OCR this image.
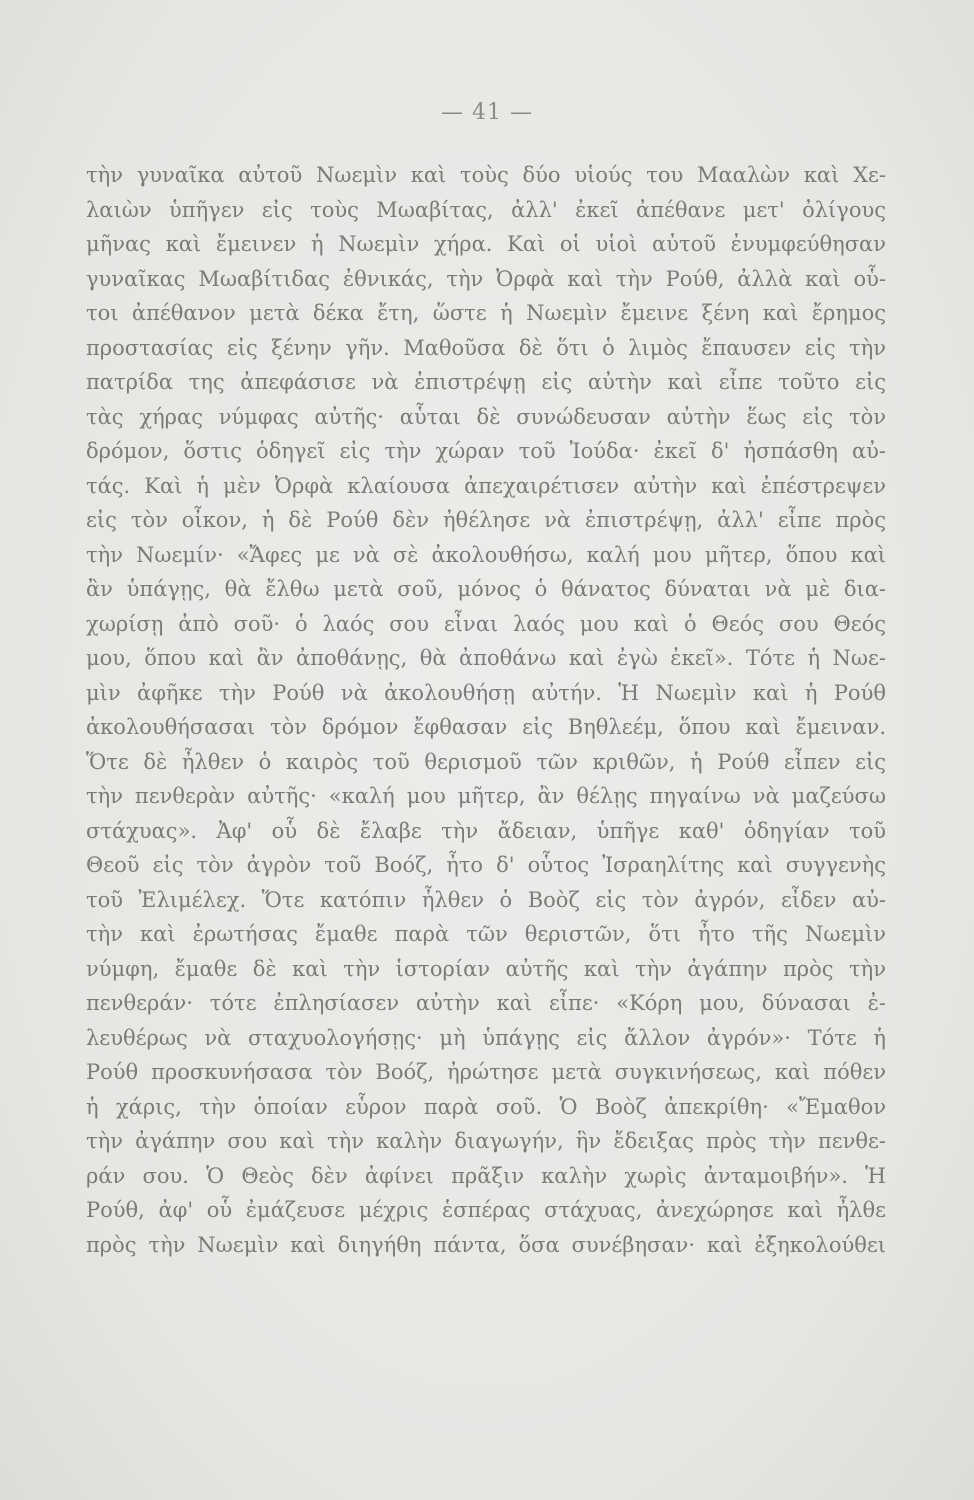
— 41 —
τὴν γυναῖκα αὐτοῦ Νωεμὶν καὶ τοὺς δύο υἱούς του Μααλὼν καὶ Χε-
λαιὼν ὑπῆγεν εἰς τοὺς Μωαβίτας, ἀλλ' ἐκεῖ ἀπέθανε μετ' ὀλίγους
μῆνας καὶ ἔμεινεν ἡ Νωεμὶν χήρα. Καὶ οἱ υἱοὶ αὐτοῦ ἐνυμφεύθησαν
γυναῖκας Μωαβίτιδας ἐθνικάς, τὴν Ὀρφὰ καὶ τὴν Ρούθ, ἀλλὰ καὶ οὗ-
τοι ἀπέθανον μετὰ δέκα ἔτη, ὥστε ἡ Νωεμὶν ἔμεινε ξένη καὶ ἔρημος
προστασίας εἰς ξένην γῆν. Μαθοῦσα δὲ ὅτι ὁ λιμὸς ἔπαυσεν εἰς τὴν
πατρίδα της ἀπεφάσισε νὰ ἐπιστρέψῃ εἰς αὐτὴν καὶ εἶπε τοῦτο εἰς
τὰς χήρας νύμφας αὐτῆς· αὗται δὲ συνώδευσαν αὐτὴν ἕως εἰς τὸν
δρόμον, ὅστις ὁδηγεῖ εἰς τὴν χώραν τοῦ Ἰούδα· ἐκεῖ δ' ἠσπάσθη αὐ-
τάς. Καὶ ἡ μὲν Ὀρφὰ κλαίουσα ἀπεχαιρέτισεν αὐτὴν καὶ ἐπέστρεψεν
εἰς τὸν οἶκον, ἡ δὲ Ρούθ δὲν ἠθέλησε νὰ ἐπιστρέψῃ, ἀλλ' εἶπε πρὸς
τὴν Νωεμίν· «Ἄφες με νὰ σὲ ἀκολουθήσω, καλή μου μῆτερ, ὅπου καὶ
ἂν ὑπάγῃς, θὰ ἔλθω μετὰ σοῦ, μόνος ὁ θάνατος δύναται νὰ μὲ δια-
χωρίσῃ ἀπὸ σοῦ· ὁ λαός σου εἶναι λαός μου καὶ ὁ Θεός σου Θεός
μου, ὅπου καὶ ἂν ἀποθάνῃς, θὰ ἀποθάνω καὶ ἐγὼ ἐκεῖ». Τότε ἡ Νωε-
μὶν ἀφῆκε τὴν Ρούθ νὰ ἀκολουθήσῃ αὐτήν. Ἡ Νωεμὶν καὶ ἡ Ρούθ
ἀκολουθήσασαι τὸν δρόμον ἔφθασαν εἰς Βηθλεέμ, ὅπου καὶ ἔμειναν.
Ὅτε δὲ ἦλθεν ὁ καιρὸς τοῦ θερισμοῦ τῶν κριθῶν, ἡ Ρούθ εἶπεν εἰς
τὴν πενθερὰν αὐτῆς· «καλή μου μῆτερ, ἂν θέλῃς πηγαίνω νὰ μαζεύσω
στάχυας». Ἀφ' οὗ δὲ ἔλαβε τὴν ἄδειαν, ὑπῆγε καθ' ὁδηγίαν τοῦ
Θεοῦ εἰς τὸν ἀγρὸν τοῦ Βοόζ, ἦτο δ' οὗτος Ἰσραηλίτης καὶ συγγενὴς
τοῦ Ἐλιμέλεχ. Ὅτε κατόπιν ἦλθεν ὁ Βοὸζ εἰς τὸν ἀγρόν, εἶδεν αὐ-
τὴν καὶ ἐρωτήσας ἔμαθε παρὰ τῶν θεριστῶν, ὅτι ἦτο τῆς Νωεμὶν
νύμφη, ἔμαθε δὲ καὶ τὴν ἱστορίαν αὐτῆς καὶ τὴν ἀγάπην πρὸς τὴν
πενθεράν· τότε ἐπλησίασεν αὐτὴν καὶ εἶπε· «Κόρη μου, δύνασαι ἐ-
λευθέρως νὰ σταχυολογήσῃς· μὴ ὑπάγῃς εἰς ἄλλον ἀγρόν»· Τότε ἡ
Ρούθ προσκυνήσασα τὸν Βοόζ, ἠρώτησε μετὰ συγκινήσεως, καὶ πόθεν
ἡ χάρις, τὴν ὁποίαν εὗρον παρὰ σοῦ. Ὁ Βοὸζ ἀπεκρίθη· «Ἔμαθον
τὴν ἀγάπην σου καὶ τὴν καλὴν διαγωγήν, ἣν ἔδειξας πρὸς τὴν πενθε-
ράν σου. Ὁ Θεὸς δὲν ἀφίνει πρᾶξιν καλὴν χωρὶς ἀνταμοιβήν». Ἡ
Ρούθ, ἀφ' οὗ ἐμάζευσε μέχρις ἑσπέρας στάχυας, ἀνεχώρησε καὶ ἦλθε
πρὸς τὴν Νωεμὶν καὶ διηγήθη πάντα, ὅσα συνέβησαν· καὶ ἐξηκολούθει
